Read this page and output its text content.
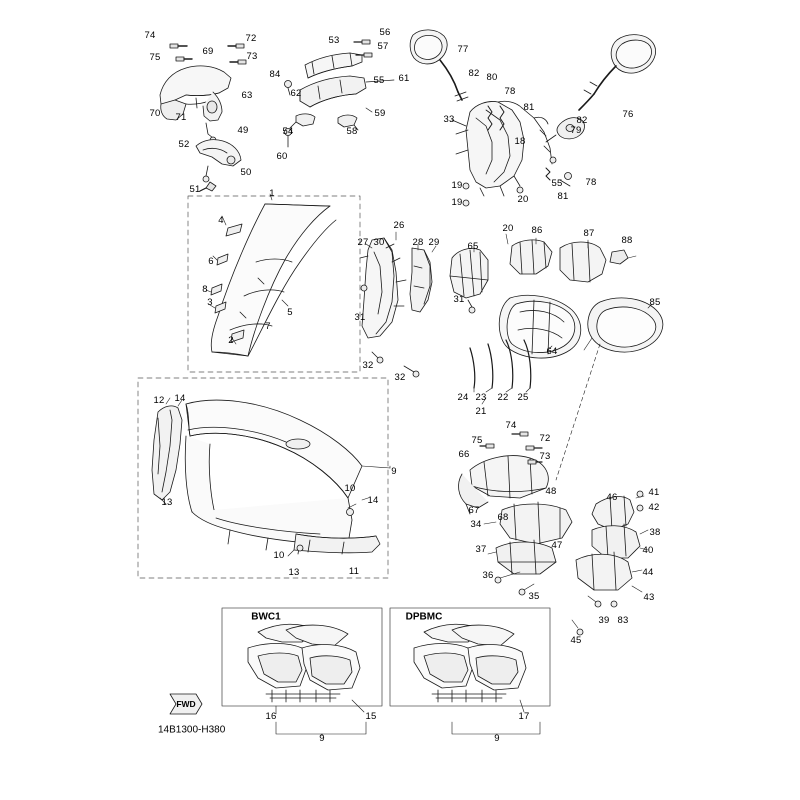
FWD
14B1300-H380
74	72	53
56
57
75
69	73
77
84
55 61	82 80
78
76
62
63
70 71	59
81
33
18
82
79
49	54	58
52
60
50
19
19	20
55
81
78
51	1
4	26	86	87
88
27 30	28 29	65
20
6
8
3
5
31	85
7
31
2
64
32
32
24 23 22 25
21
12 14
74
72
75
66	73
9
13
48
46	41
67
68
42
10
14
34
38
47	40
37
10
13	11	36	44
35	43
39 83
45
16	15	17
9	9
BWC1	DPBMC
